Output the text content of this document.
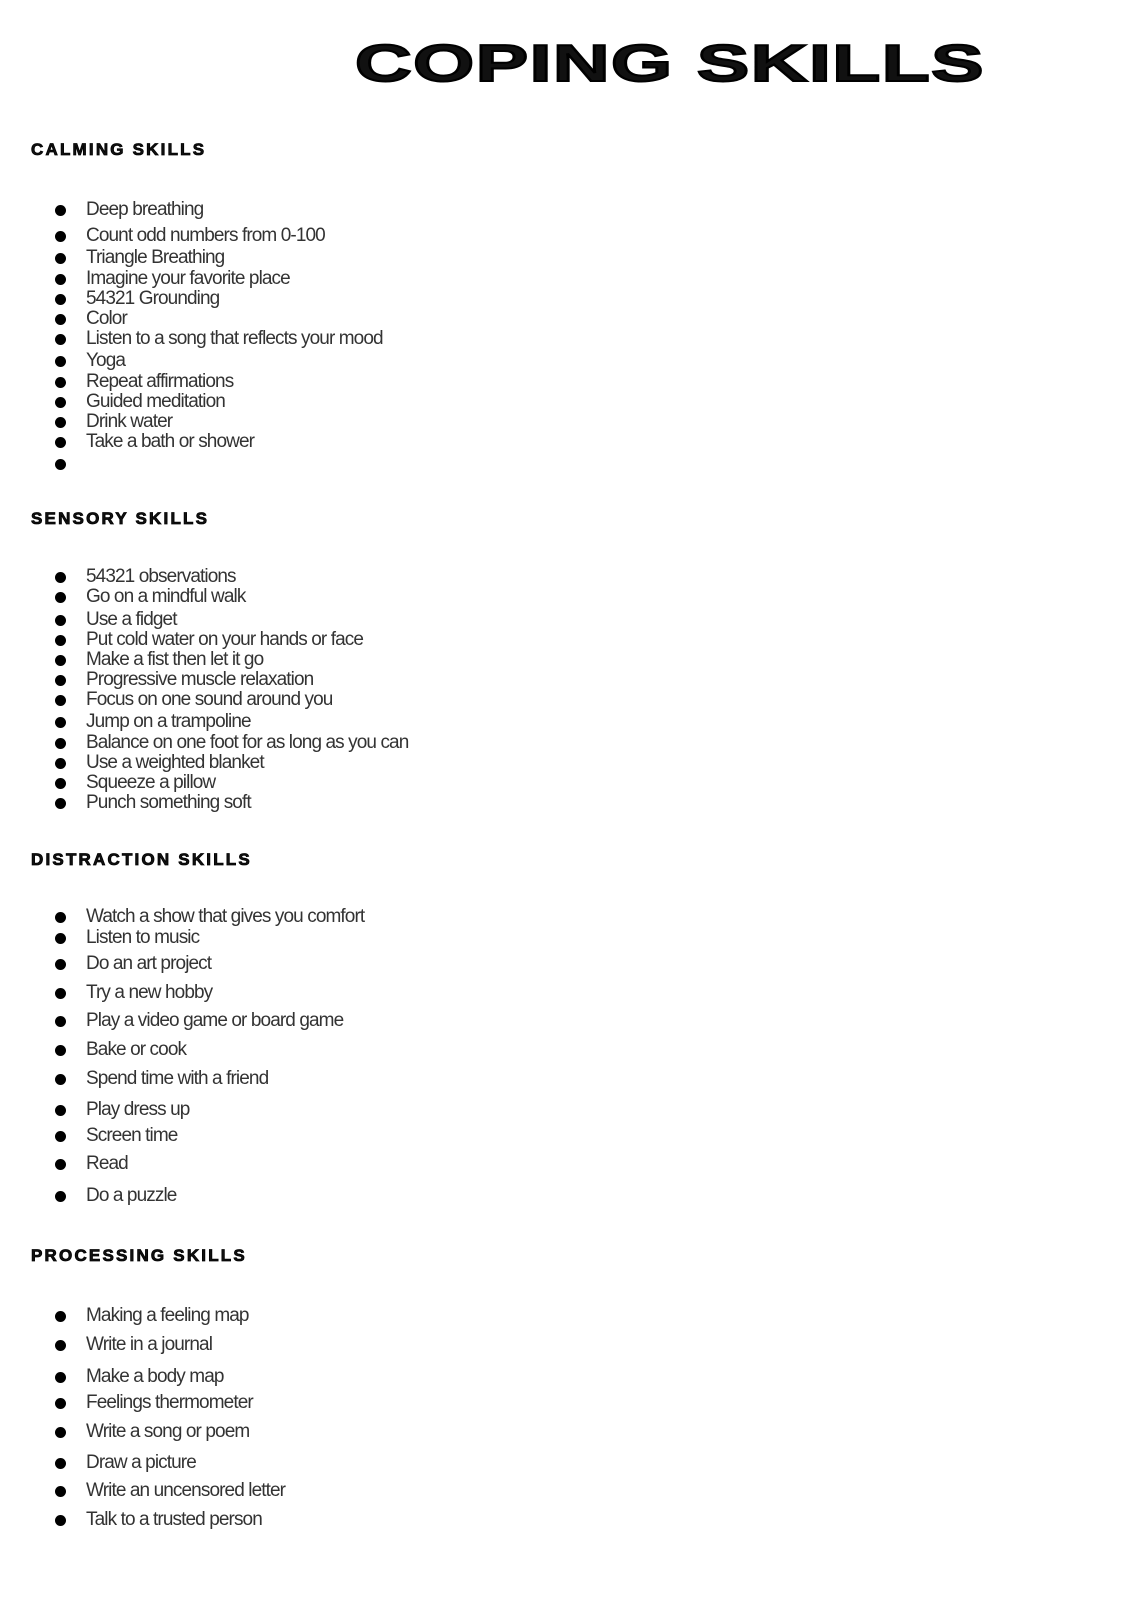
COPING SKILLS
CALMING SKILLS
Deep breathing
Count odd numbers from 0-100
Triangle Breathing
Imagine your favorite place
54321 Grounding
Color
Listen to a song that reflects your mood
Yoga
Repeat affirmations
Guided meditation
Drink water
Take a bath or shower
SENSORY SKILLS
54321 observations
Go on a mindful walk
Use a fidget
Put cold water on your hands or face
Make a fist then let it go
Progressive muscle relaxation
Focus on one sound around you
Jump on a trampoline
Balance on one foot for as long as you can
Use a weighted blanket
Squeeze a pillow
Punch something soft
DISTRACTION SKILLS
Watch a show that gives you comfort
Listen to music
Do an art project
Try a new hobby
Play a video game or board game
Bake or cook
Spend time with a friend
Play dress up
Screen time
Read
Do a puzzle
PROCESSING SKILLS
Making a feeling map
Write in a journal
Make a body map
Feelings thermometer
Write a song or poem
Draw a picture
Write an uncensored letter
Talk to a trusted person
